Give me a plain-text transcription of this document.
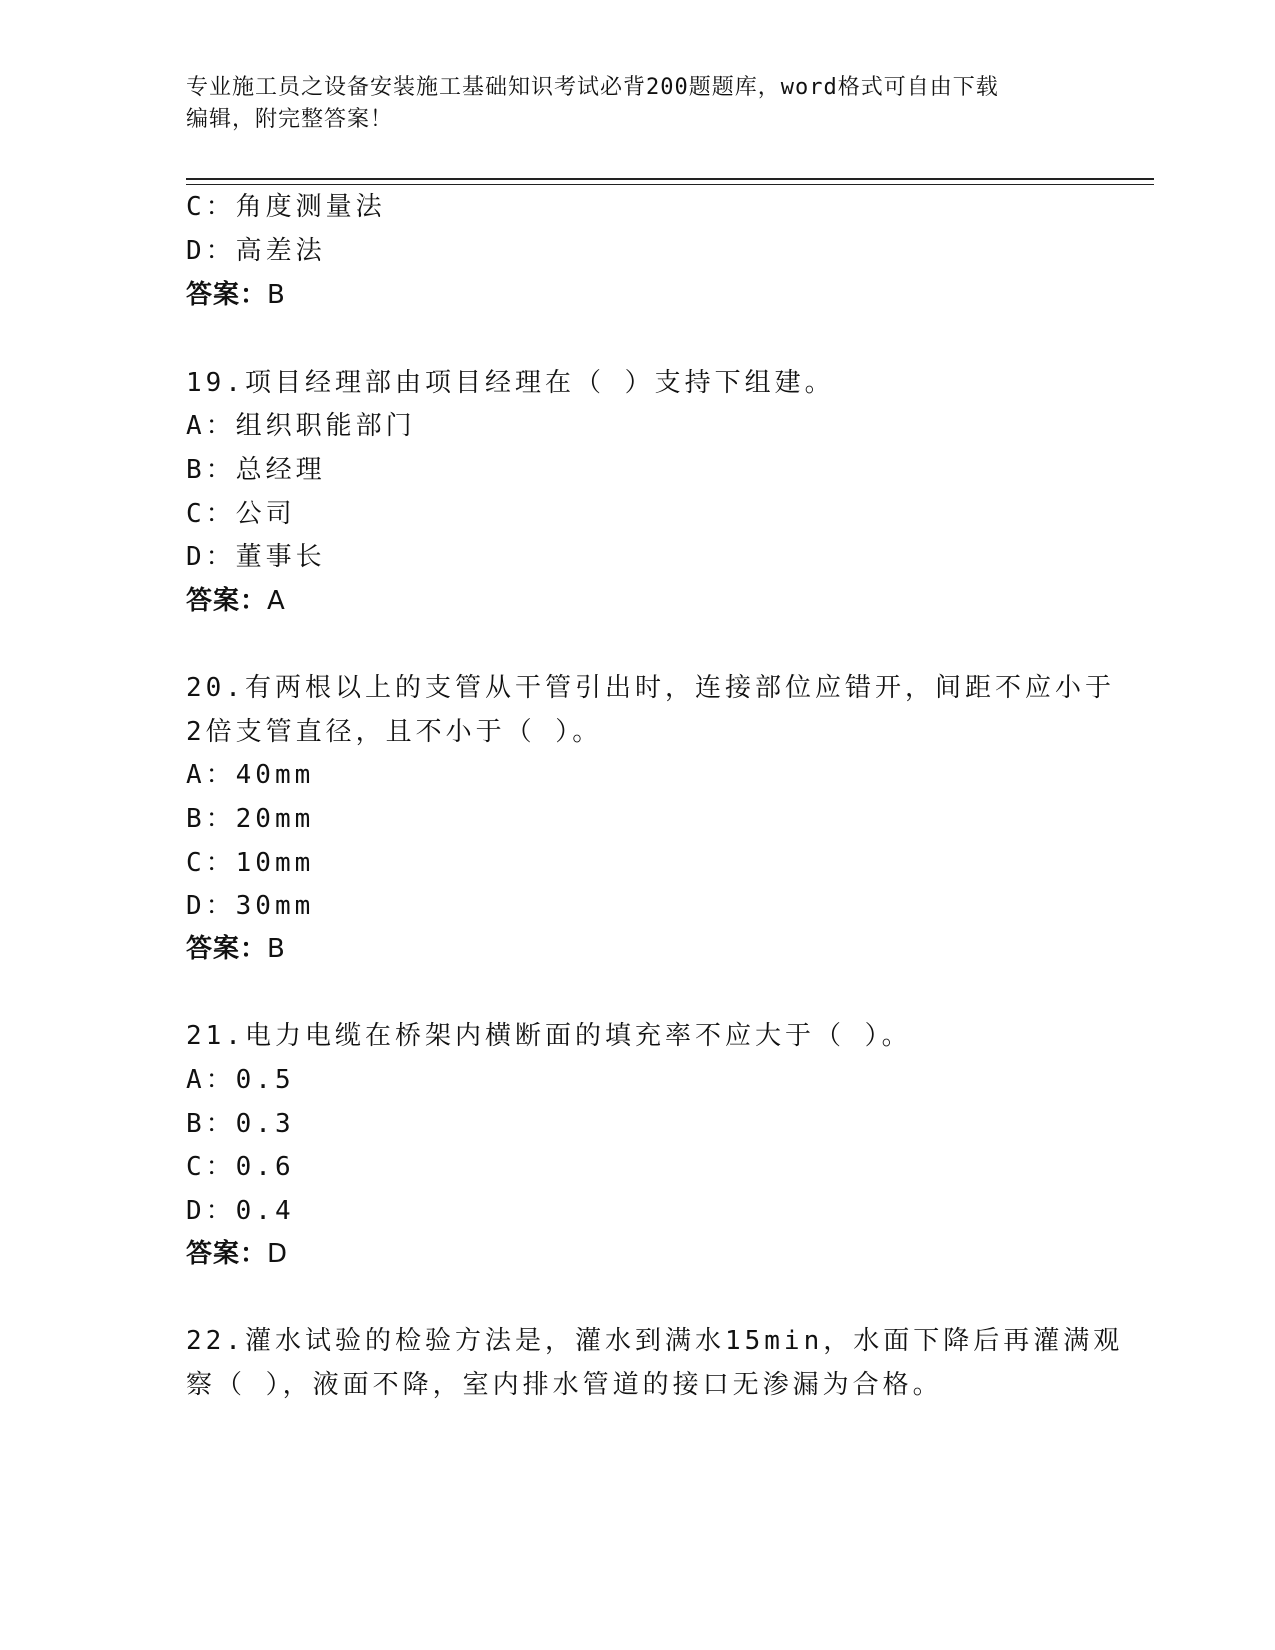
专业施工员之设备安装施工基础知识考试必背200题题库，word格式可自由下载
编辑，附完整答案！
C：角度测量法
D：高差法
答案：B
19.项目经理部由项目经理在（ ）支持下组建。
A：组织职能部门
B：总经理
C：公司
D：董事长
答案：A
20.有两根以上的支管从干管引出时，连接部位应错开，间距不应小于
2倍支管直径，且不小于（ ）。
A：40mm
B：20mm
C：10mm
D：30mm
答案：B
21.电力电缆在桥架内横断面的填充率不应大于（ ）。
A：0.5
B：0.3
C：0.6
D：0.4
答案：D
22.灌水试验的检验方法是，灌水到满水15min，水面下降后再灌满观
察（ ），液面不降，室内排水管道的接口无渗漏为合格。
